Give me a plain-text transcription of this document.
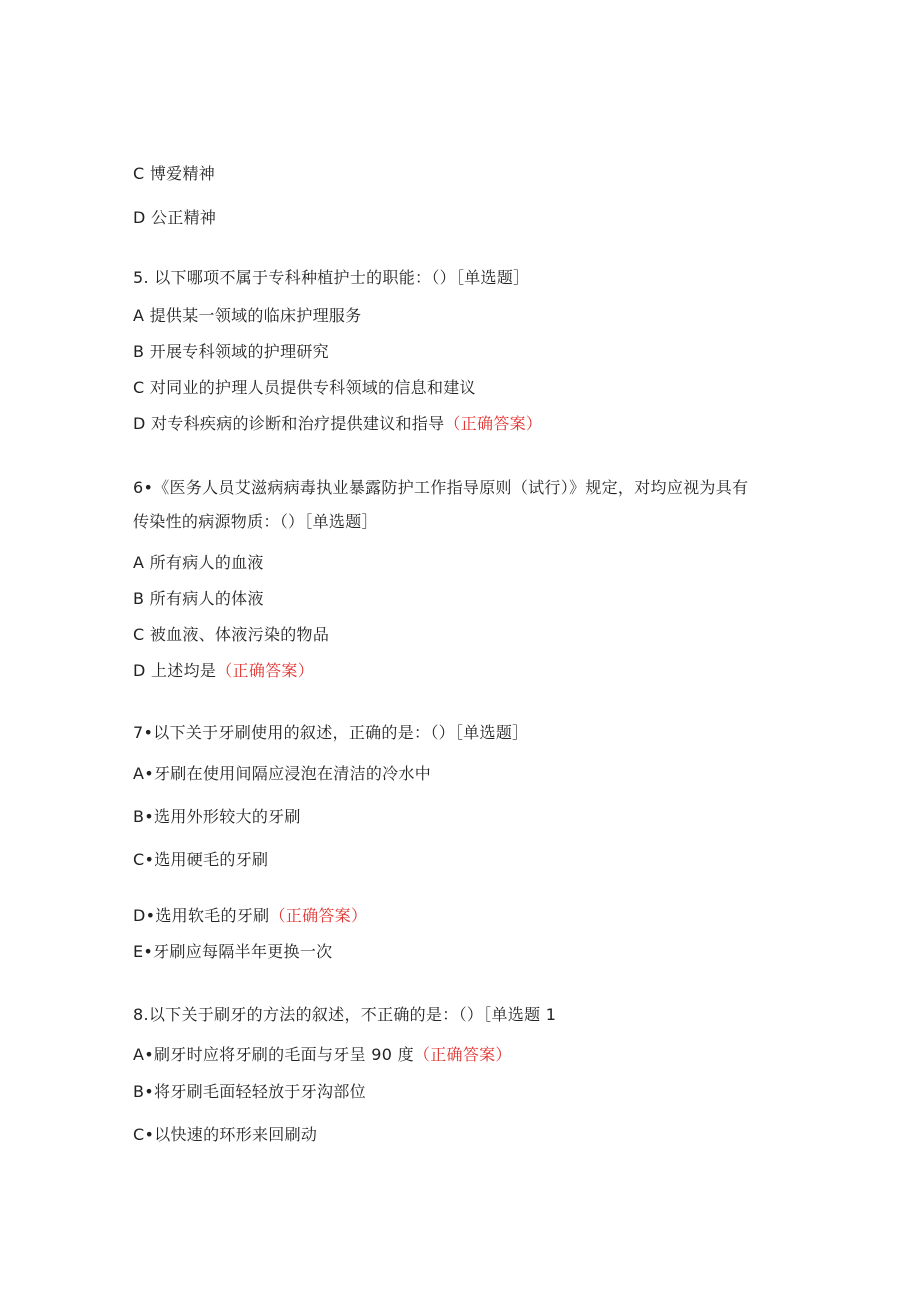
C 博爱精神
D 公正精神
5. 以下哪项不属于专科种植护士的职能：（）［单选题］
A 提供某一领域的临床护理服务
B 开展专科领域的护理研究
C 对同业的护理人员提供专科领域的信息和建议
D 对专科疾病的诊断和治疗提供建议和指导（正确答案）
6•《医务人员艾滋病病毒执业暴露防护工作指导原则（试行）》规定，对均应视为具有
传染性的病源物质：（）［单选题］
A 所有病人的血液
B 所有病人的体液
C 被血液、体液污染的物品
D 上述均是（正确答案）
7•以下关于牙刷使用的叙述，正确的是：（）［单选题］
A•牙刷在使用间隔应浸泡在清洁的冷水中
B•选用外形较大的牙刷
C•选用硬毛的牙刷
D•选用软毛的牙刷（正确答案）
E•牙刷应每隔半年更换一次
8.以下关于刷牙的方法的叙述，不正确的是：（）［单选题 1
A•刷牙时应将牙刷的毛面与牙呈 90 度（正确答案）
B•将牙刷毛面轻轻放于牙沟部位
C•以快速的环形来回刷动
